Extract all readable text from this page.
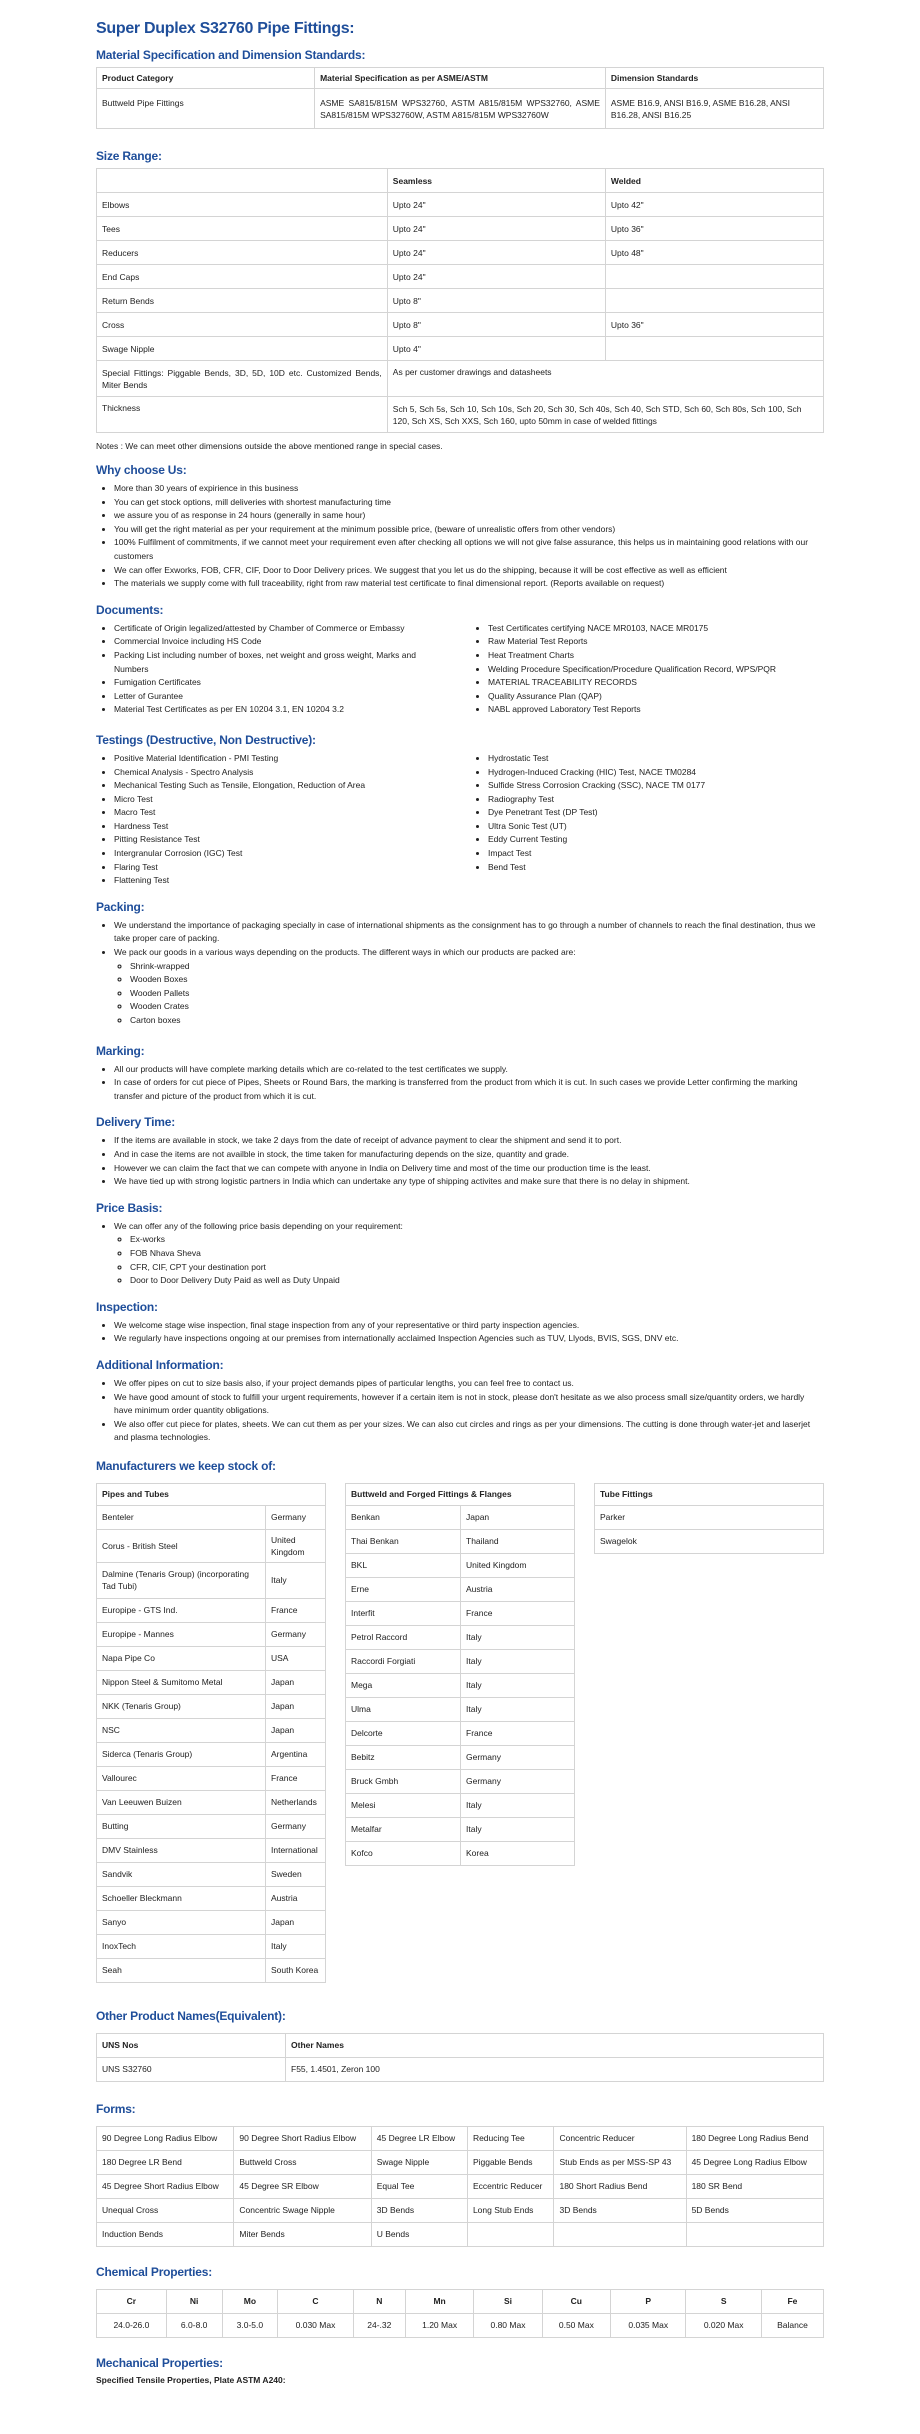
Super Duplex S32760 Pipe Fittings:
Material Specification and Dimension Standards:
Product Category	Material Specification as per ASME/ASTM	Dimension Standards
Buttweld Pipe Fittings	ASME SA815/815M WPS32760, ASTM A815/815M WPS32760, ASME SA815/815M WPS32760W, ASTM A815/815M WPS32760W	ASME B16.9, ANSI B16.9, ASME B16.28, ANSI B16.28, ANSI B16.25
Size Range:
	Seamless	Welded
Elbows	Upto 24"	Upto 42"
Tees	Upto 24"	Upto 36"
Reducers	Upto 24"	Upto 48"
End Caps	Upto 24"	
Return Bends	Upto 8"	
Cross	Upto 8"	Upto 36"
Swage Nipple	Upto 4"	
Special Fittings: Piggable Bends, 3D, 5D, 10D etc. Customized Bends, Miter Bends	As per customer drawings and datasheets	
Thickness	Sch 5, Sch 5s, Sch 10, Sch 10s, Sch 20, Sch 30, Sch 40s, Sch 40, Sch STD, Sch 60, Sch 80s, Sch 100, Sch 120, Sch XS, Sch XXS, Sch 160, upto 50mm in case of welded fittings	

Notes : We can meet other dimensions outside the above mentioned range in special cases.

Why choose Us:
• More than 30 years of expirience in this business
• You can get stock options, mill deliveries with shortest manufacturing time
• we assure you of as response in 24 hours (generally in same hour)
• You will get the right material as per your requirement at the minimum possible price, (beware of unrealistic offers from other vendors)
• 100% Fulfilment of commitments, if we cannot meet your requirement even after checking all options we will not give false assurance, this helps us in maintaining good relations with our customers
• We can offer Exworks, FOB, CFR, CIF, Door to Door Delivery prices. We suggest that you let us do the shipping, because it will be cost effective as well as efficient
• The materials we supply come with full traceability, right from raw material test certificate to final dimensional report. (Reports available on request)
Documents:
• Certificate of Origin legalized/attested by Chamber of Commerce or Embassy
• Commercial Invoice including HS Code
• Packing List including number of boxes, net weight and gross weight, Marks and Numbers
• Fumigation Certificates
• Letter of Gurantee
• Material Test Certificates as per EN 10204 3.1, EN 10204 3.2
• Test Certificates certifying NACE MR0103, NACE MR0175
• Raw Material Test Reports
• Heat Treatment Charts
• Welding Procedure Specification/Procedure Qualification Record, WPS/PQR
• MATERIAL TRACEABILITY RECORDS
• Quality Assurance Plan (QAP)
• NABL approved Laboratory Test Reports
Testings (Destructive, Non Destructive):
• Positive Material Identification - PMI Testing
• Chemical Analysis - Spectro Analysis
• Mechanical Testing Such as Tensile, Elongation, Reduction of Area
• Micro Test
• Macro Test
• Hardness Test
• Pitting Resistance Test
• Intergranular Corrosion (IGC) Test
• Flaring Test
• Flattening Test
• Hydrostatic Test
• Hydrogen-Induced Cracking (HIC) Test, NACE TM0284
• Sulfide Stress Corrosion Cracking (SSC), NACE TM 0177
• Radiography Test
• Dye Penetrant Test (DP Test)
• Ultra Sonic Test (UT)
• Eddy Current Testing
• Impact Test
• Bend Test
Packing:
• We understand the importance of packaging specially in case of international shipments as the consignment has to go through a number of channels to reach the final destination, thus we take proper care of packing.
• We pack our goods in a various ways depending on the products. The different ways in which our products are packed are:
◦ Shrink-wrapped
◦ Wooden Boxes
◦ Wooden Pallets
◦ Wooden Crates
◦ Carton boxes
Marking:
• All our products will have complete marking details which are co-related to the test certificates we supply.
• In case of orders for cut piece of Pipes, Sheets or Round Bars, the marking is transferred from the product from which it is cut. In such cases we provide Letter confirming the marking transfer and picture of the product from which it is cut.
Delivery Time:
• If the items are available in stock, we take 2 days from the date of receipt of advance payment to clear the shipment and send it to port.
• And in case the items are not availble in stock, the time taken for manufacturing depends on the size, quantity and grade.
• However we can claim the fact that we can compete with anyone in India on Delivery time and most of the time our production time is the least.
• We have tied up with strong logistic partners in India which can undertake any type of shipping activites and make sure that there is no delay in shipment.
Price Basis:
• We can offer any of the following price basis depending on your requirement:
◦ Ex-works
◦ FOB Nhava Sheva
◦ CFR, CIF, CPT your destination port
◦ Door to Door Delivery Duty Paid as well as Duty Unpaid
Inspection:
• We welcome stage wise inspection, final stage inspection from any of your representative or third party inspection agencies.
• We regularly have inspections ongoing at our premises from internationally acclaimed Inspection Agencies such as TUV, Llyods, BVIS, SGS, DNV etc.
Additional Information:
• We offer pipes on cut to size basis also, if your project demands pipes of particular lengths, you can feel free to contact us.
• We have good amount of stock to fulfill your urgent requirements, however if a certain item is not in stock, please don't hesitate as we also process small size/quantity orders, we hardly have minimum order quantity obligations.
• We also offer cut piece for plates, sheets. We can cut them as per your sizes. We can also cut circles and rings as per your dimensions. The cutting is done through water-jet and laserjet and plasma technologies.
Manufacturers we keep stock of:
Pipes and Tubes	
Benteler	Germany
Corus - British Steel	United Kingdom
Dalmine (Tenaris Group) (incorporating Tad Tubi)	Italy
Europipe - GTS Ind.	France
Europipe - Mannes	Germany
Napa Pipe Co	USA
Nippon Steel & Sumitomo Metal	Japan
NKK (Tenaris Group)	Japan
NSC	Japan
Siderca (Tenaris Group)	Argentina
Vallourec	France
Van Leeuwen Buizen	Netherlands
Butting	Germany
DMV Stainless	International
Sandvik	Sweden
Schoeller Bleckmann	Austria
Sanyo	Japan
InoxTech	Italy
Seah	South Korea
Buttweld and Forged Fittings & Flanges	
Benkan	Japan
Thai Benkan	Thailand
BKL	United Kingdom
Erne	Austria
Interfit	France
Petrol Raccord	Italy
Raccordi Forgiati	Italy
Mega	Italy
Ulma	Italy
Delcorte	France
Bebitz	Germany
Bruck Gmbh	Germany
Melesi	Italy
Metalfar	Italy
Kofco	Korea
Tube Fittings
Parker
Swagelok
Other Product Names(Equivalent):
UNS Nos	Other Names
UNS S32760	F55, 1.4501, Zeron 100
Forms:
90 Degree Long Radius Elbow	90 Degree Short Radius Elbow	45 Degree LR Elbow	Reducing Tee	Concentric Reducer	180 Degree Long Radius Bend
180 Degree LR Bend	Buttweld Cross	Swage Nipple	Piggable Bends	Stub Ends as per MSS-SP 43	45 Degree Long Radius Elbow
45 Degree Short Radius Elbow	45 Degree SR Elbow	Equal Tee	Eccentric Reducer	180 Short Radius Bend	180 SR Bend
Unequal Cross	Concentric Swage Nipple	3D Bends	Long Stub Ends	3D Bends	5D Bends
Induction Bends	Miter Bends	U Bends			
Chemical Properties:
Cr	Ni	Mo	C	N	Mn	Si	Cu	P	S	Fe
24.0-26.0	6.0-8.0	3.0-5.0	0.030 Max	24-.32	1.20 Max	0.80 Max	0.50 Max	0.035 Max	0.020 Max	Balance
Mechanical Properties:

Specified Tensile Properties, Plate ASTM A240:
